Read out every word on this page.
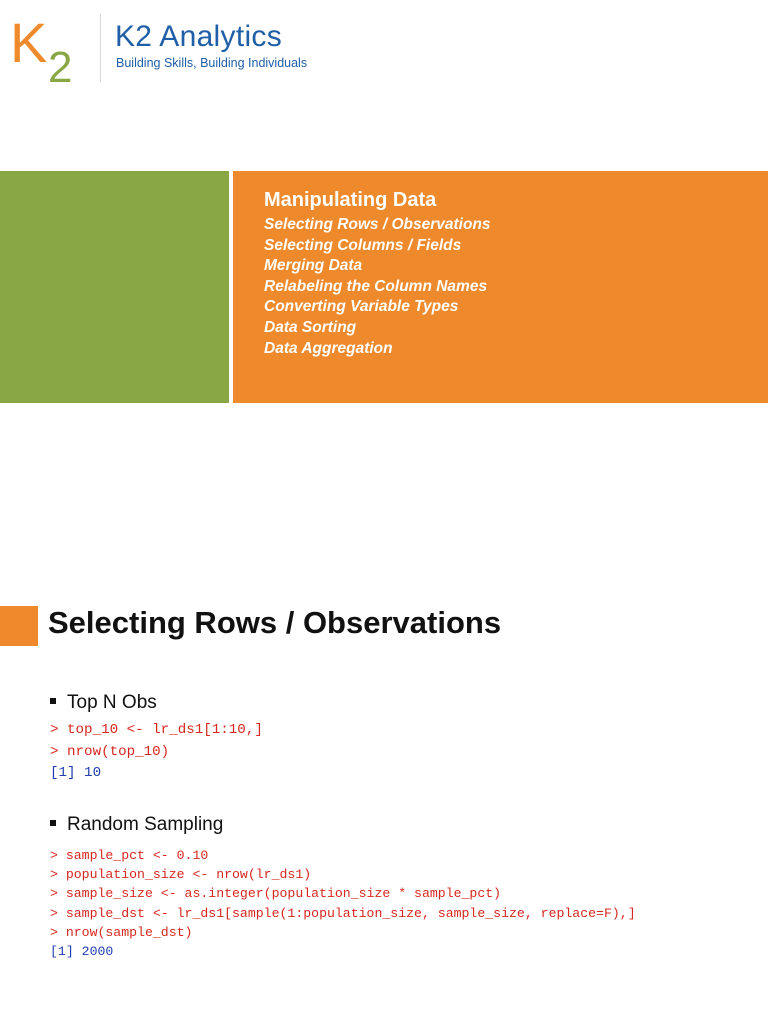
K 2
K2 Analytics
Building Skills, Building Individuals
Manipulating Data
Selecting Rows / Observations
Selecting Columns / Fields
Merging Data
Relabeling the Column Names
Converting Variable Types
Data Sorting
Data Aggregation
Selecting Rows / Observations
Top N Obs
> top_10 <- lr_ds1[1:10,]
> nrow(top_10)
[1] 10
Random Sampling
> sample_pct <- 0.10
> population_size <- nrow(lr_ds1)
> sample_size <- as.integer(population_size * sample_pct)
> sample_dst <- lr_ds1[sample(1:population_size, sample_size, replace=F),]
> nrow(sample_dst)
[1] 2000
